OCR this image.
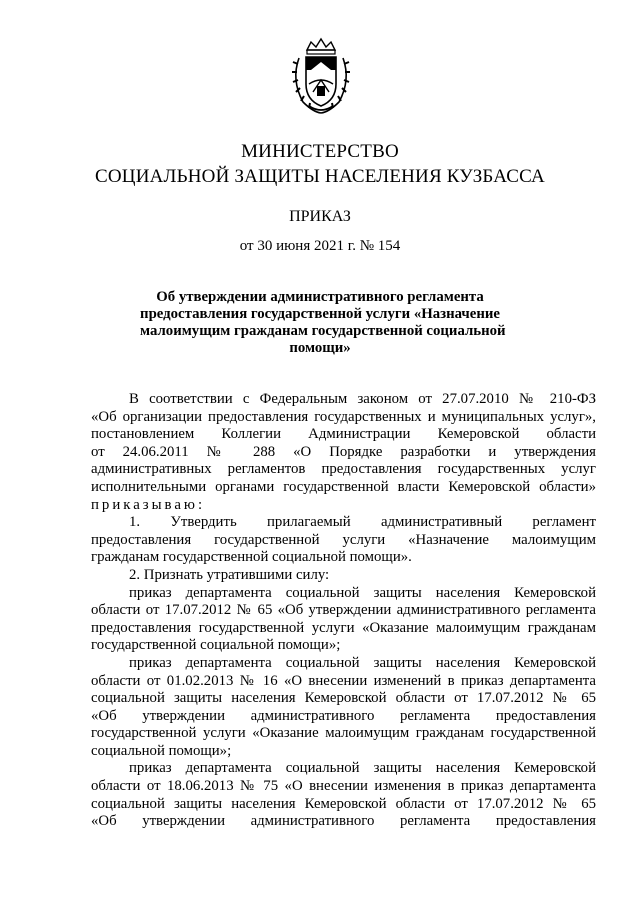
МИНИСТЕРСТВО
СОЦИАЛЬНОЙ ЗАЩИТЫ НАСЕЛЕНИЯ КУЗБАССА
ПРИКАЗ
от 30 июня 2021 г. № 154
Об утверждении административного регламента
предоставления государственной услуги «Назначение
малоимущим гражданам государственной социальной
помощи»
В соответствии с Федеральным законом от 27.07.2010 № 210-ФЗ
«Об организации предоставления государственных и муниципальных услуг»,
постановлением Коллегии Администрации Кемеровской области
от 24.06.2011 № 288 «О Порядке разработки и утверждения
административных регламентов предоставления государственных услуг
исполнительными органами государственной власти Кемеровской области»
приказываю:
1. Утвердить прилагаемый административный регламент
предоставления государственной услуги «Назначение малоимущим
гражданам государственной социальной помощи».
2. Признать утратившими силу:
приказ департамента социальной защиты населения Кемеровской
области от 17.07.2012 № 65 «Об утверждении административного регламента
предоставления государственной услуги «Оказание малоимущим гражданам
государственной социальной помощи»;
приказ департамента социальной защиты населения Кемеровской
области от 01.02.2013 № 16 «О внесении изменений в приказ департамента
социальной защиты населения Кемеровской области от 17.07.2012 № 65
«Об утверждении административного регламента предоставления
государственной услуги «Оказание малоимущим гражданам государственной
социальной помощи»;
приказ департамента социальной защиты населения Кемеровской
области от 18.06.2013 № 75 «О внесении изменения в приказ департамента
социальной защиты населения Кемеровской области от 17.07.2012 № 65
«Об утверждении административного регламента предоставления
